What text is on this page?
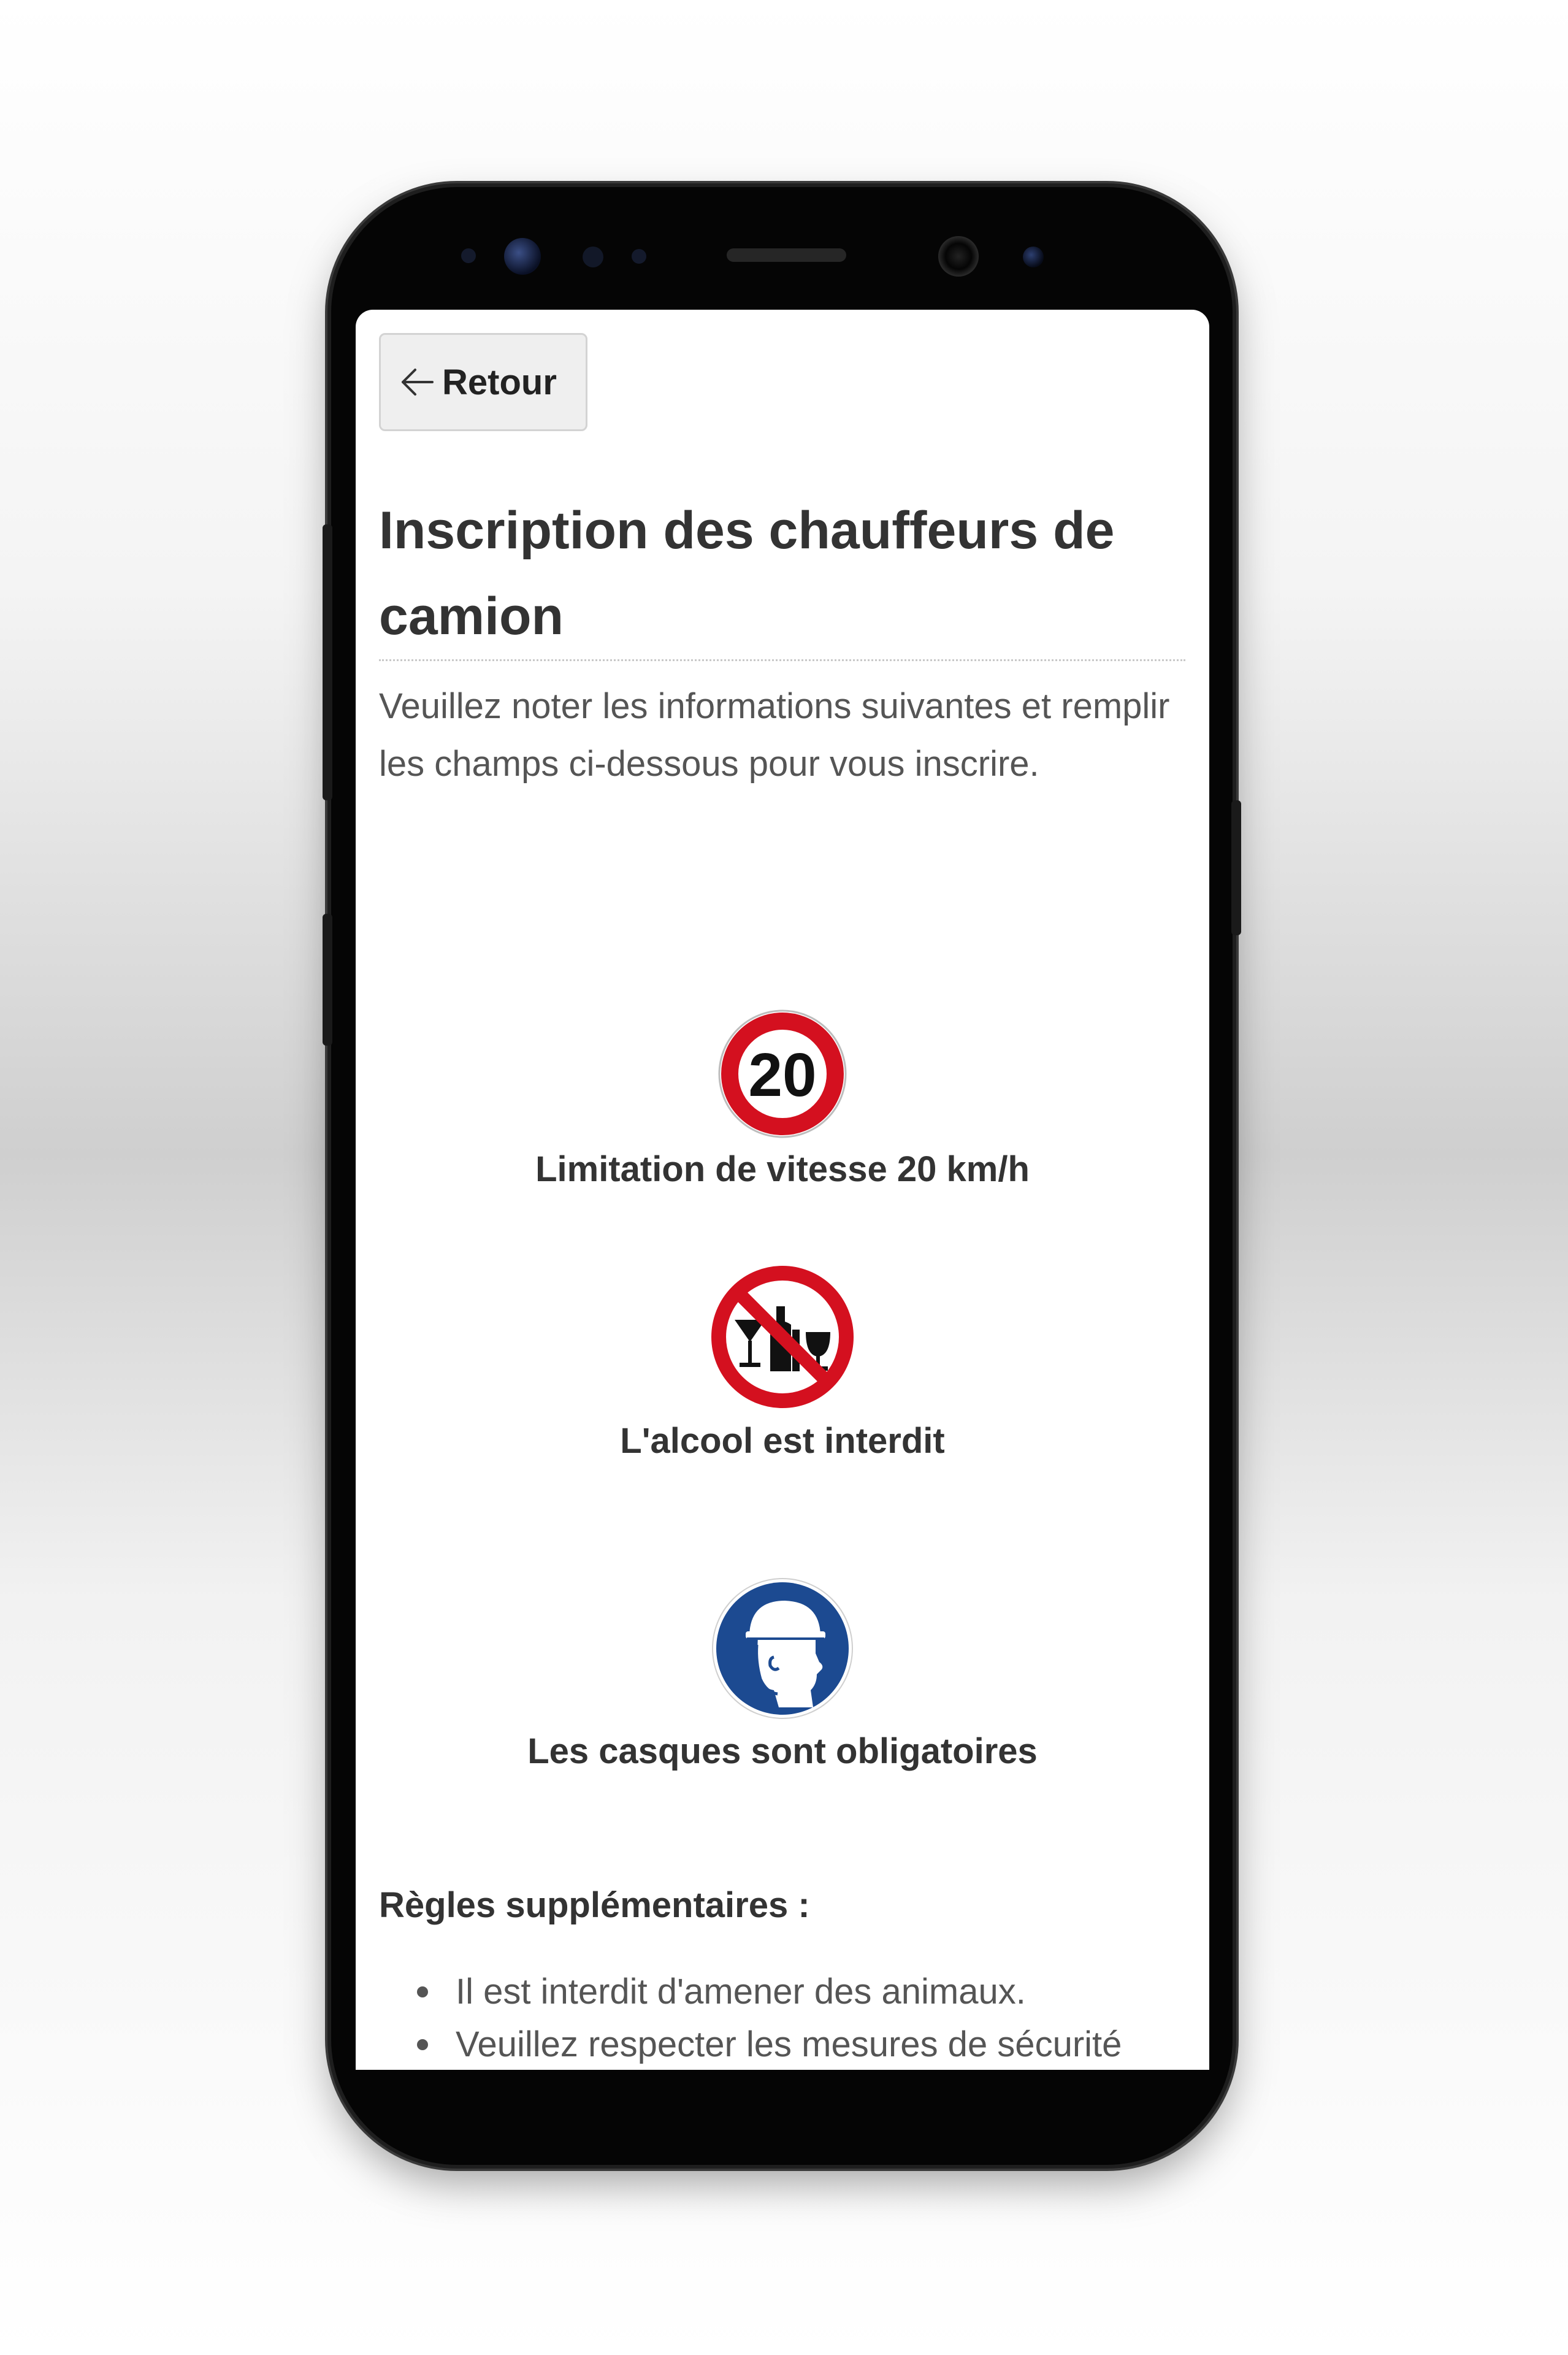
Retour
Inscription des chauffeurs de camion

Veuillez noter les informations suivantes et remplir les champs ci-dessous pour vous inscrire.

20
Limitation de vitesse 20 km/h
L'alcool est interdit
Les casques sont obligatoires
Règles supplémentaires :
Il est interdit d'amener des animaux.
Veuillez respecter les mesures de sécurité
